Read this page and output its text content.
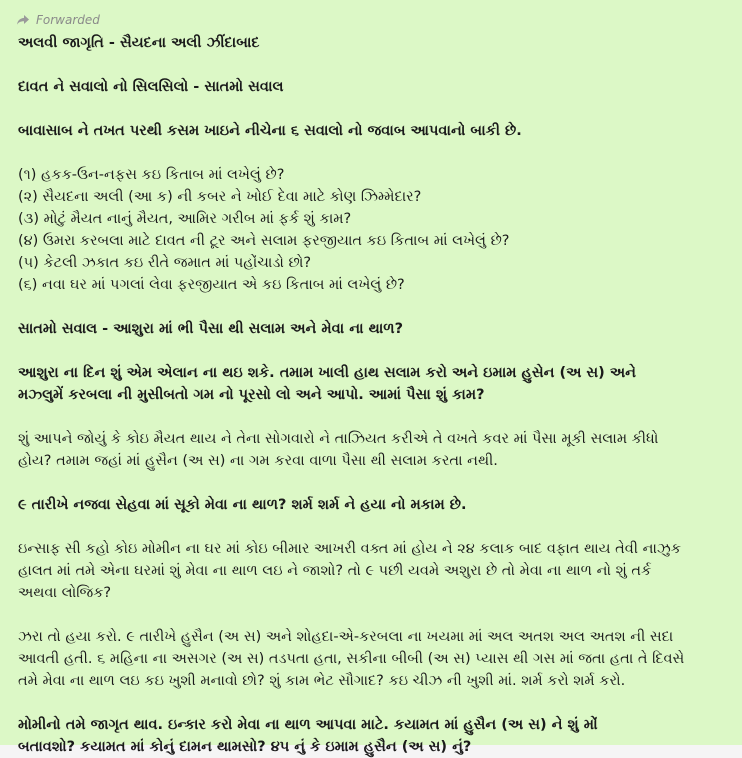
Forwarded
અલવી જાગૃતિ - સૈયદના અલી ઝીંદાબાદ
દાવત ને સવાલો નો સિલસિલો - સાતમો સવાલ
બાવાસાબ ને તખત પરથી કસમ ખાઇને નીચેના ૬ સવાલો નો જવાબ આપવાનો બાકી છે.
(૧) હકક-ઉન-નફસ કઇ કિતાબ માં લખેલું છે?
(૨) સૈયદના અલી (આ ક) ની કબર ને ખોઈ દેવા માટે કોણ ઝિમ્મેદાર?
(૩) મોટું મૈયત નાનું મૈયત, આમિર ગરીબ માં ફર્ક શું કામ?
(૪) ઉમરા કરબલા માટે દાવત ની ટૂર અને સલામ ફરજીયાત કઇ કિતાબ માં લખેલું છે?
(૫) કેટલી ઝકાત કઇ રીતે જમાત માં પહોંચાડો છો?
(૬) નવા ઘર માં પગલાં લેવા ફરજીયાત એ કઇ કિતાબ માં લખેલું છે?
સાતમો સવાલ - આશુરા માં ભી પૈસા થી સલામ અને મેવા ના થાળ?
આશુરા ના દિન શું એમ એલાન ના થઇ શકે. તમામ ખાલી હાથ સલામ કરો અને ઇમામ હુસેન (અ સ) અને
મઝ્લુમેં કરબલા ની મુસીબતો ગમ નો પૂરસો લો અને આપો. આમાં પૈસા શું કામ?
શું આપને જોયું કે કોઇ મૈયત થાય ને તેના સોગવારો ને તાઝિયત કરીએ તે વખતે કવર માં પૈસા મૂકી સલામ કીધો
હોય? તમામ જહાં માં હુસૈન (અ સ) ના ગમ કરવા વાળા પૈસા થી સલામ કરતા નથી.
૯ તારીખે નજવા સેહવા માં સૂકો મેવા ના થાળ? શર્મ શર્મ ને હયા નો મકામ છે.
ઇન્સાફ સી કહો કોઇ મોમીન ના ઘર માં કોઇ બીમાર આખરી વક્ત માં હોય ને ૨૪ કલાક બાદ વફાત થાય તેવી નાઝુક
હાલત માં તમે એના ઘરમાં શું મેવા ના થાળ લઇ ને જાશો? તો ૯ પછી યવમે અશુરા છે તો મેવા ના થાળ નો શું તર્ક
અથવા લોજિક?
ઝરા તો હયા કરો. ૯ તારીખે હુસૈન (અ સ) અને શોહદા-એ-કરબલા ના ખયમા માં અલ અતશ અલ અતશ ની સદા
આવતી હતી. ૬ મહિના ના અસગર (અ સ) તડપતા હતા, સકીના બીબી (અ સ) પ્યાસ થી ગસ માં જતા હતા તે દિવસે
તમે મેવા ના થાળ લઇ કઇ ખુશી મનાવો છો? શું કામ ભેટ સૌગાદ? કઇ ચીઝ ની ખુશી માં. શર્મ કરો શર્મ કરો.
મોમીનો તમે જાગૃત થાવ. ઇન્કાર કરો મેવા ના થાળ આપવા માટે. કયામત માં હુસૈન (અ સ) ને શું મોં
બતાવશો? કયામત માં કોનું દામન થામસો? ૪૫ નું કે ઇમામ હુસૈન (અ સ) નું?
